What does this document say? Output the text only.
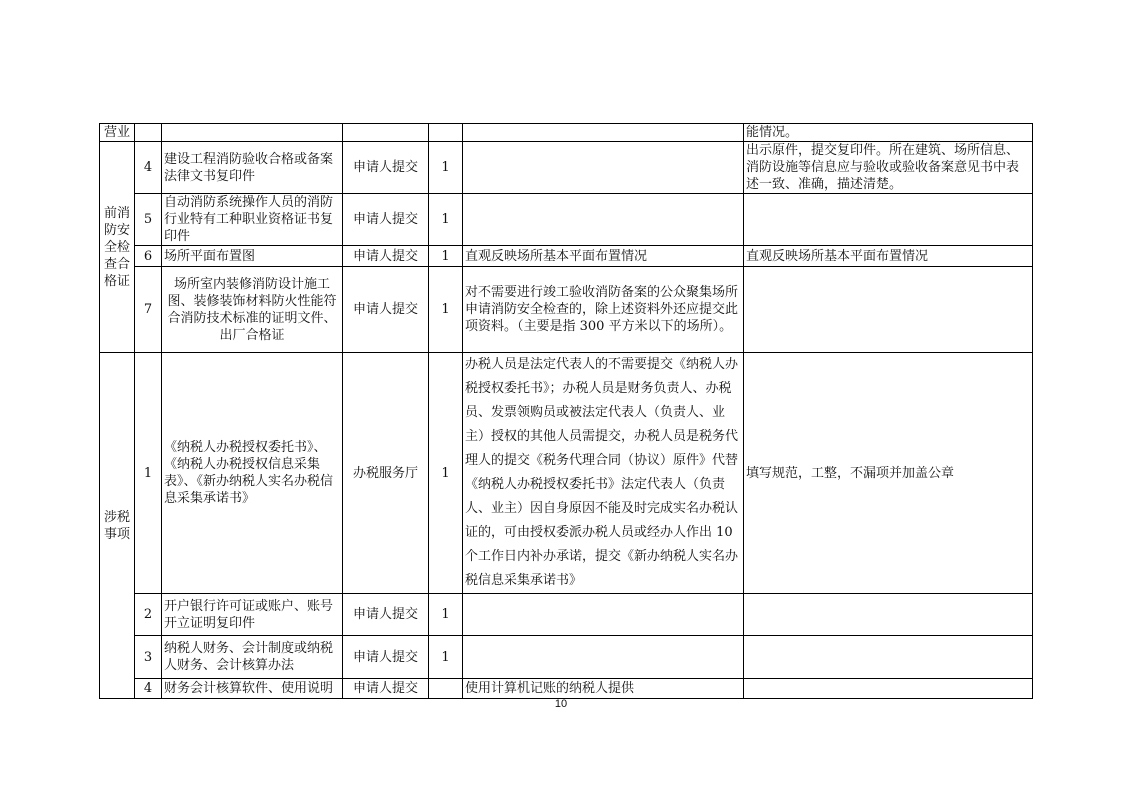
营业						能情况。
前消防安全检查合格证	4	建设工程消防验收合格或备案法律文书复印件	申请人提交	1		出示原件，提交复印件。所在建筑、场所信息、消防设施等信息应与验收或验收备案意见书中表述一致、准确，描述清楚。
	5	自动消防系统操作人员的消防行业特有工种职业资格证书复印件	申请人提交	1		
	6	场所平面布置图	申请人提交	1	直观反映场所基本平面布置情况	直观反映场所基本平面布置情况
	7	场所室内装修消防设计施工图、装修装饰材料防火性能符合消防技术标准的证明文件、出厂合格证	申请人提交	1	对不需要进行竣工验收消防备案的公众聚集场所申请消防安全检查的，除上述资料外还应提交此项资料。（主要是指 300 平方米以下的场所）。	
涉税事项	1	《纳税人办税授权委托书》、《纳税人办税授权信息采集表》、《新办纳税人实名办税信息采集承诺书》	办税服务厅	1	办税人员是法定代表人的不需要提交《纳税人办税授权委托书》；办税人员是财务负责人、办税员、发票领购员或被法定代表人（负责人、业主）授权的其他人员需提交，办税人员是税务代理人的提交《税务代理合同（协议）原件》代替《纳税人办税授权委托书》法定代表人（负责人、业主）因自身原因不能及时完成实名办税认证的，可由授权委派办税人员或经办人作出 10 个工作日内补办承诺，提交《新办纳税人实名办税信息采集承诺书》	填写规范，工整，不漏项并加盖公章
	2	开户银行许可证或账户、账号开立证明复印件	申请人提交	1		
	3	纳税人财务、会计制度或纳税人财务、会计核算办法	申请人提交	1		
	4	财务会计核算软件、使用说明	申请人提交		使用计算机记账的纳税人提供	
10
